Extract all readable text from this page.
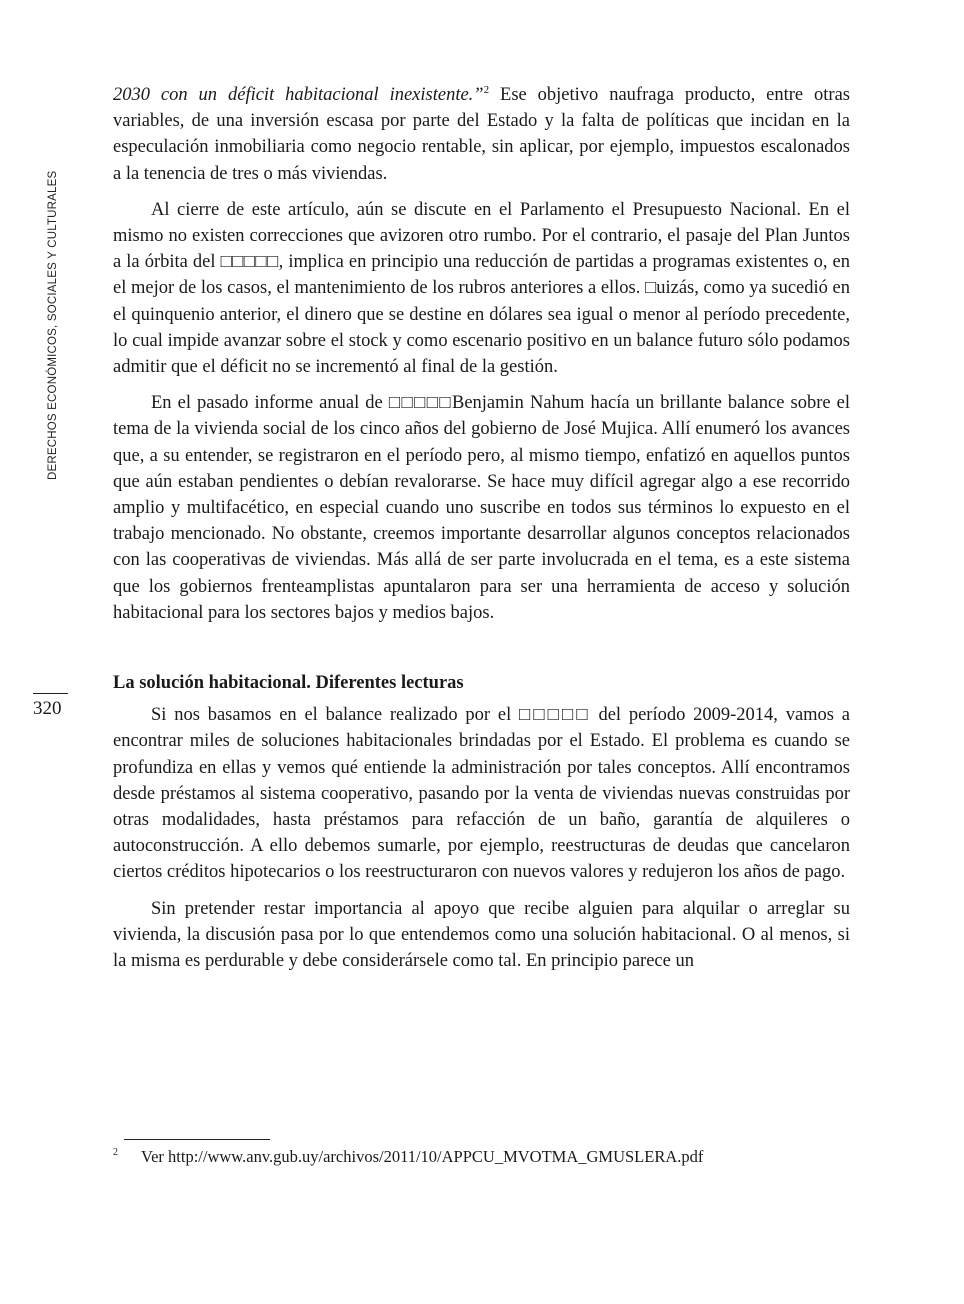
DERECHOS ECONÓMICOS, SOCIALES Y CULTURALES
320

2030 con un déficit habitacional inexistente.”$^2$ Ese objetivo naufraga producto, entre otras variables, de una inversión escasa por parte del Estado y la falta de políticas que incidan en la especulación inmobiliaria como negocio rentable, sin aplicar, por ejemplo, impuestos escalonados a la tenencia de tres o más viviendas.

Al cierre de este artículo, aún se discute en el Parlamento el Presupuesto Nacional. En el mismo no existen correcciones que avizoren otro rumbo. Por el contrario, el pasaje del Plan Juntos a la órbita del □□□□□, implica en principio una reducción de partidas a programas existentes o, en el mejor de los casos, el mantenimiento de los rubros anteriores a ellos. □uizás, como ya sucedió en el quinquenio anterior, el dinero que se destine en dólares sea igual o menor al período precedente, lo cual impide avanzar sobre el stock y como escenario positivo en un balance futuro sólo podamos admitir que el déficit no se incrementó al final de la gestión.

En el pasado informe anual de □□□□□Benjamin Nahum hacía un brillante balance sobre el tema de la vivienda social de los cinco años del gobierno de José Mujica. Allí enumeró los avances que, a su entender, se registraron en el período pero, al mismo tiempo, enfatizó en aquellos puntos que aún estaban pendientes o debían revalorarse. Se hace muy difícil agregar algo a ese recorrido amplio y multifacético, en especial cuando uno suscribe en todos sus términos lo expuesto en el trabajo mencionado. No obstante, creemos importante desarrollar algunos conceptos relacionados con las cooperativas de viviendas. Más allá de ser parte involucrada en el tema, es a este sistema que los gobiernos frenteamplistas apuntalaron para ser una herramienta de acceso y solución habitacional para los sectores bajos y medios bajos.

La solución habitacional. Diferentes lecturas

Si nos basamos en el balance realizado por el □□□□□ del período 2009-2014, vamos a encontrar miles de soluciones habitacionales brindadas por el Estado. El problema es cuando se profundiza en ellas y vemos qué entiende la administración por tales conceptos. Allí encontramos desde préstamos al sistema cooperativo, pasando por la venta de viviendas nuevas construidas por otras modalidades, hasta préstamos para refacción de un baño, garantía de alquileres o autoconstrucción. A ello debemos sumarle, por ejemplo, reestructuras de deudas que cancelaron ciertos créditos hipotecarios o los reestructuraron con nuevos valores y redujeron los años de pago.

Sin pretender restar importancia al apoyo que recibe alguien para alquilar o arreglar su vivienda, la discusión pasa por lo que entendemos como una solución habitacional. O al menos, si la misma es perdurable y debe considerársele como tal. En principio parece un

2 Ver http://www.anv.gub.uy/archivos/2011/10/APPCU_MVOTMA_GMUSLERA.pdf
